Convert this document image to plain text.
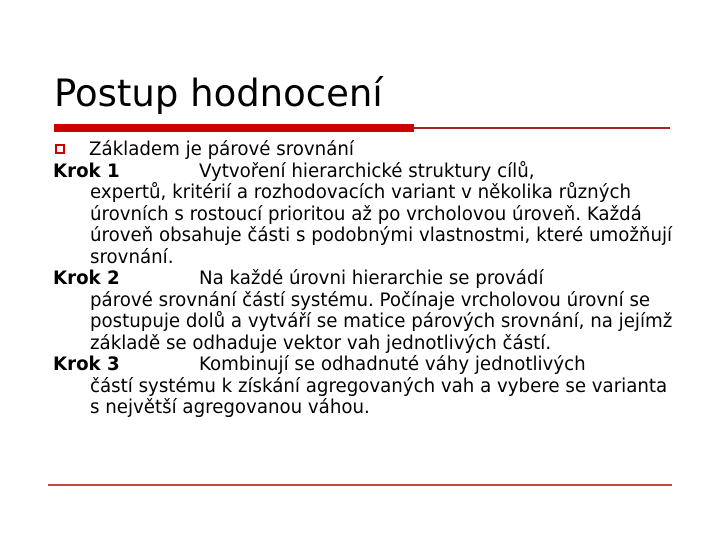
Postup hodnocení
Základem je párové srovnání
Krok 1	Vytvoření hierarchické struktury cílů,
expertů, kritérií a rozhodovacích variant v několika různých úrovních s rostoucí prioritou až po vrcholovou úroveň. Každá úroveň obsahuje části s podobnými vlastnostmi, které umožňují srovnání.
Krok 2	Na každé úrovni hierarchie se provádí
párové srovnání částí systému. Počínaje vrcholovou úrovní se postupuje dolů a vytváří se matice párových srovnání, na jejímž základě se odhaduje vektor vah jednotlivých částí.
Krok 3	Kombinují se odhadnuté váhy jednotlivých
částí systému k získání agregovaných vah a vybere se varianta s největší agregovanou váhou.
